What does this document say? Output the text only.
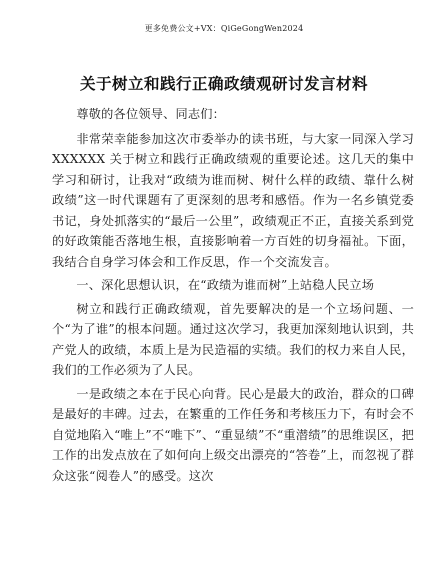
更多免费公文+VX：QiGeGongWen2024
关于树立和践行正确政绩观研讨发言材料

尊敬的各位领导、同志们：

非常荣幸能参加这次市委举办的读书班，与大家一同深入学习 XXXXXX 关于树立和践行正确政绩观的重要论述。这几天的集中学习和研讨，让我对“政绩为谁而树、树什么样的政绩、靠什么树政绩”这一时代课题有了更深刻的思考和感悟。作为一名乡镇党委书记，身处抓落实的“最后一公里”，政绩观正不正，直接关系到党的好政策能否落地生根，直接影响着一方百姓的切身福祉。下面，我结合自身学习体会和工作反思，作一个交流发言。

一、深化思想认识，在“政绩为谁而树”上站稳人民立场

树立和践行正确政绩观，首先要解决的是一个立场问题、一个“为了谁”的根本问题。通过这次学习，我更加深刻地认识到，共产党人的政绩，本质上是为民造福的实绩。我们的权力来自人民，我们的工作必须为了人民。

一是政绩之本在于民心向背。民心是最大的政治，群众的口碑是最好的丰碑。过去，在繁重的工作任务和考核压力下，有时会不自觉地陷入“唯上”不“唯下”、“重显绩”不“重潜绩”的思维误区，把工作的出发点放在了如何向上级交出漂亮的“答卷”上，而忽视了群众这张“阅卷人”的感受。这次
